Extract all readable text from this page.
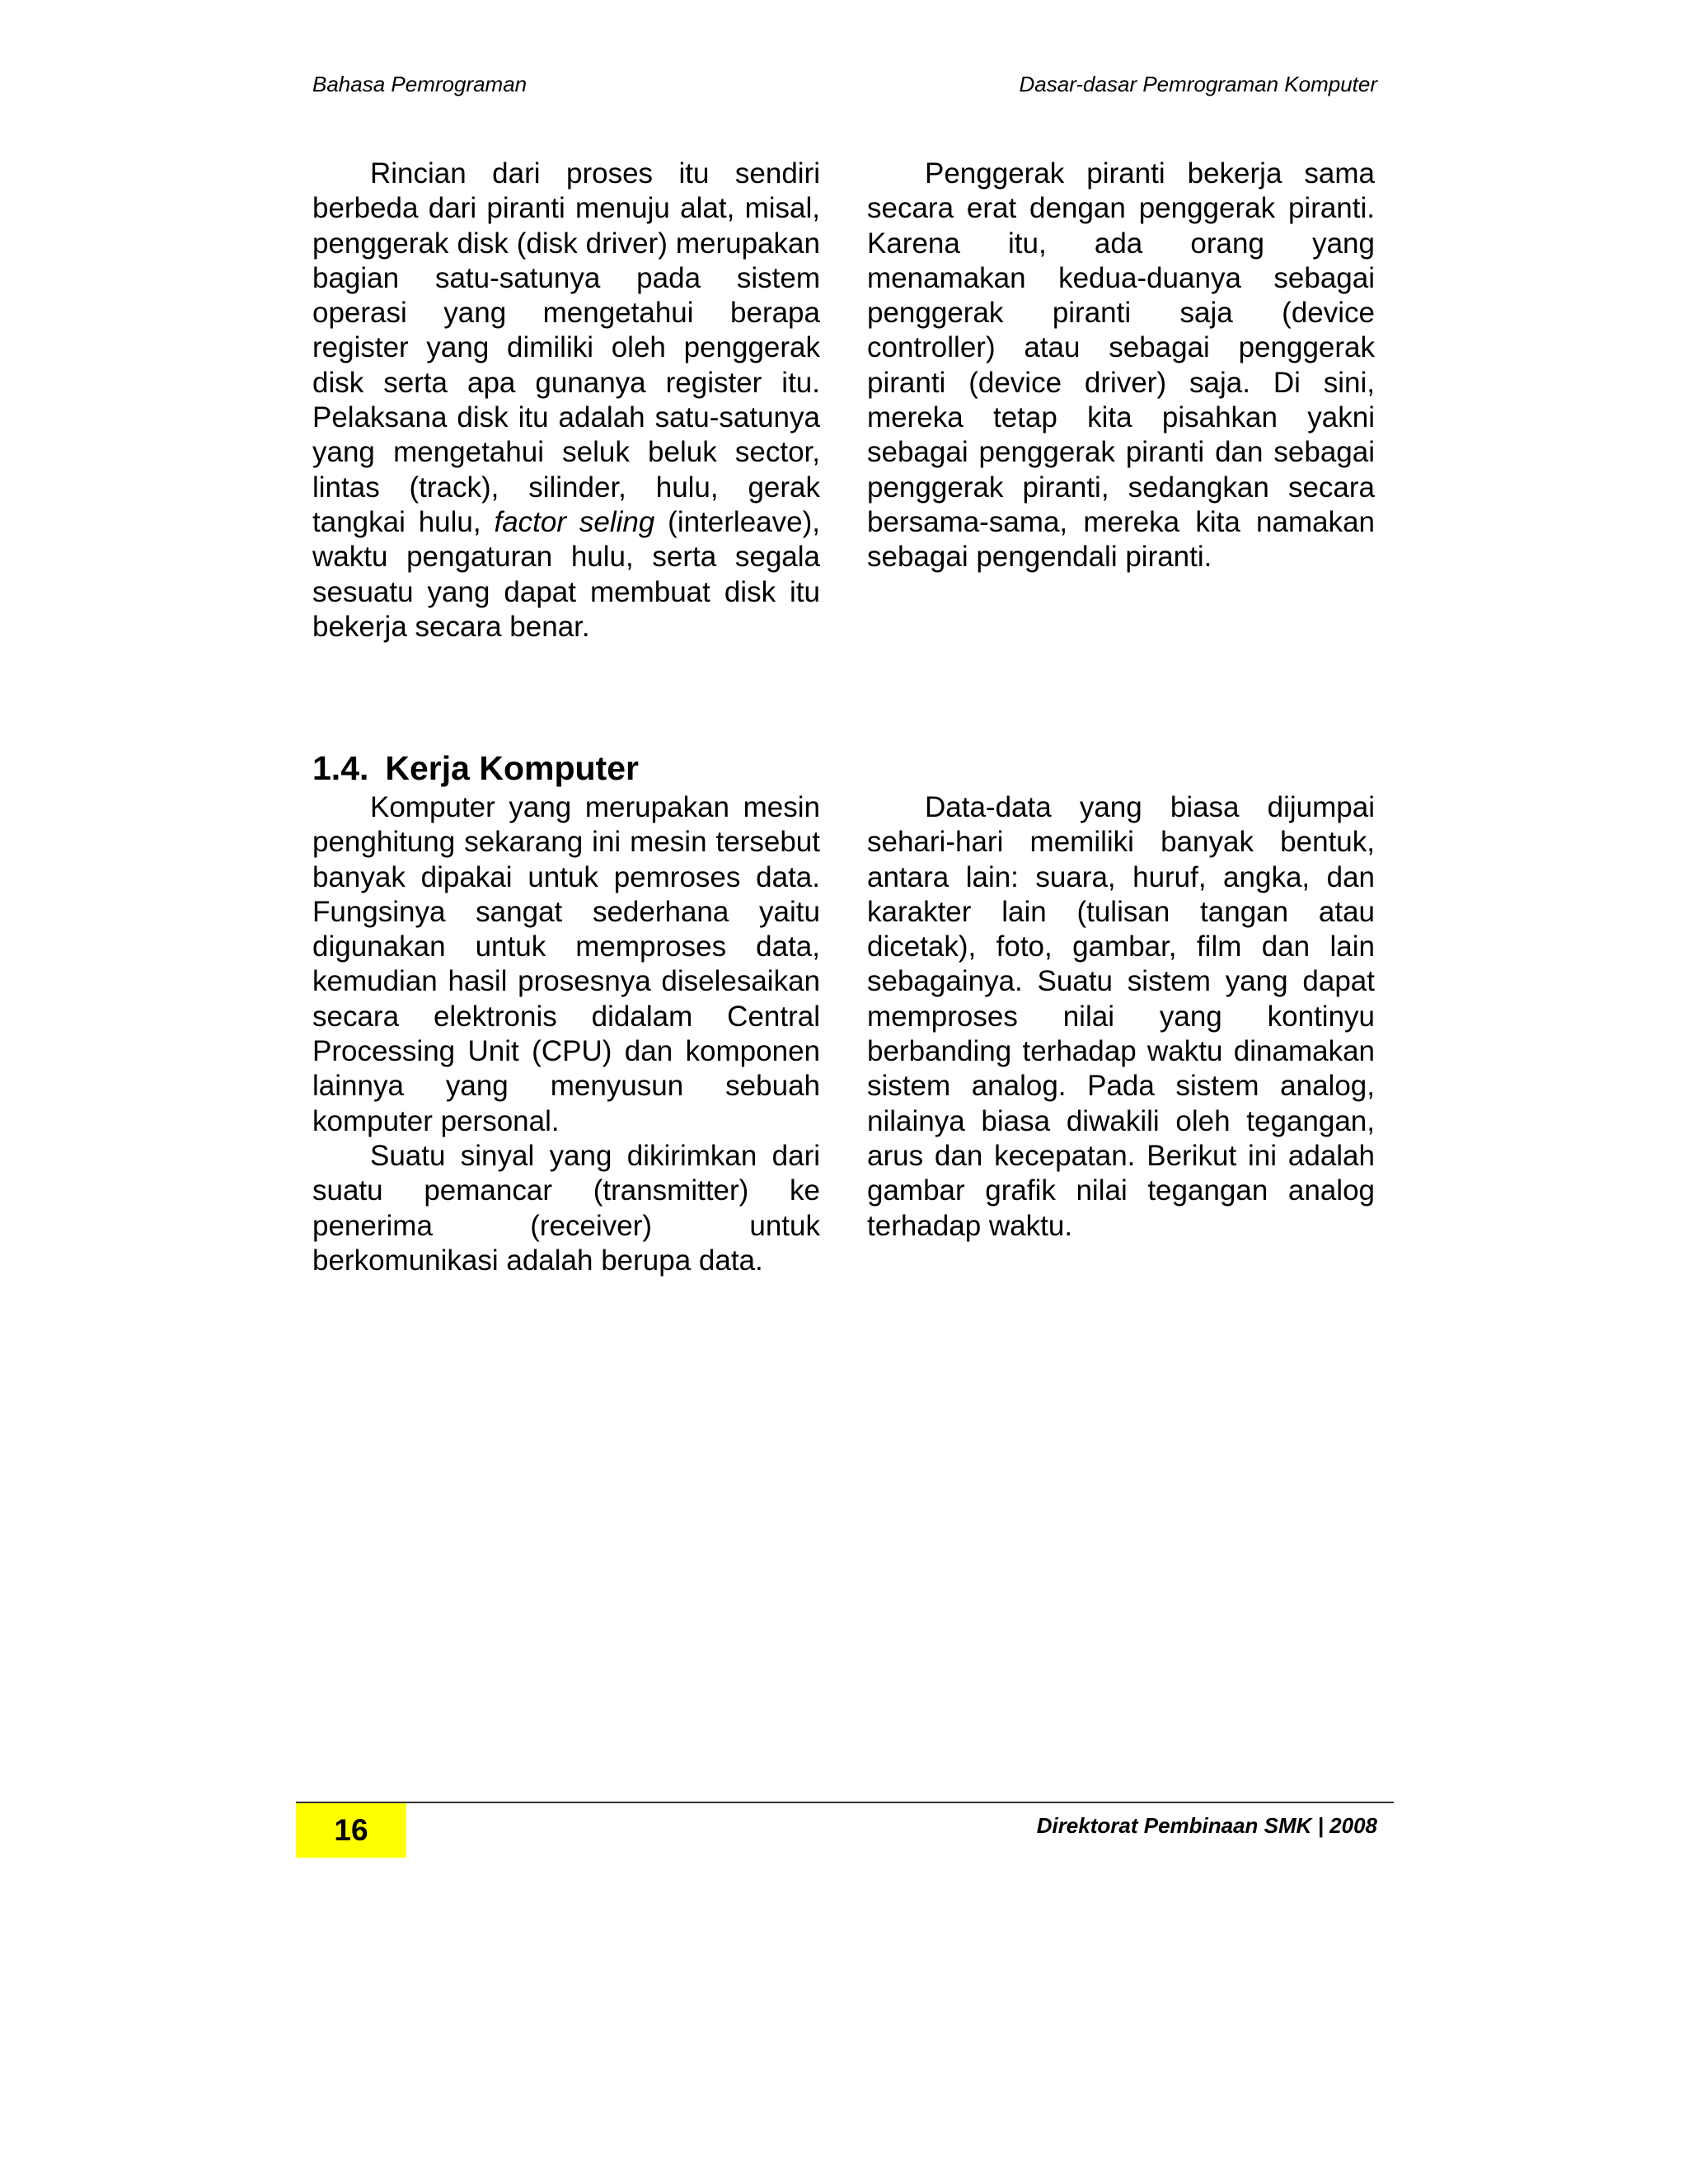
Bahasa Pemrograman	Dasar-dasar Pemrograman Komputer

Rincian dari proses itu sendiri berbeda dari piranti menuju alat, misal, penggerak disk (disk driver) merupakan bagian satu-satunya pada sistem operasi yang mengetahui berapa register yang dimiliki oleh penggerak disk serta apa gunanya register itu. Pelaksana disk itu adalah satu-satunya yang mengetahui seluk beluk sector, lintas (track), silinder, hulu, gerak tangkai hulu, factor seling (interleave), waktu pengaturan hulu, serta segala sesuatu yang dapat membuat disk itu bekerja secara benar.

Penggerak piranti bekerja sama secara erat dengan penggerak piranti. Karena itu, ada orang yang menamakan kedua-duanya sebagai penggerak piranti saja (device controller) atau sebagai penggerak piranti (device driver) saja. Di sini, mereka tetap kita pisahkan yakni sebagai penggerak piranti dan sebagai penggerak piranti, sedangkan secara bersama-sama, mereka kita namakan sebagai pengendali piranti.

1.4. Kerja Komputer

Komputer yang merupakan mesin penghitung sekarang ini mesin tersebut banyak dipakai untuk pemroses data. Fungsinya sangat sederhana yaitu digunakan untuk memproses data, kemudian hasil prosesnya diselesaikan secara elektronis didalam Central Processing Unit (CPU) dan komponen lainnya yang menyusun sebuah komputer personal.

Suatu sinyal yang dikirimkan dari suatu pemancar (transmitter) ke penerima (receiver) untuk berkomunikasi adalah berupa data.

Data-data yang biasa dijumpai sehari-hari memiliki banyak bentuk, antara lain: suara, huruf, angka, dan karakter lain (tulisan tangan atau dicetak), foto, gambar, film dan lain sebagainya. Suatu sistem yang dapat memproses nilai yang kontinyu berbanding terhadap waktu dinamakan sistem analog. Pada sistem analog, nilainya biasa diwakili oleh tegangan, arus dan kecepatan. Berikut ini adalah gambar grafik nilai tegangan analog terhadap waktu.

16	Direktorat Pembinaan SMK | 2008
